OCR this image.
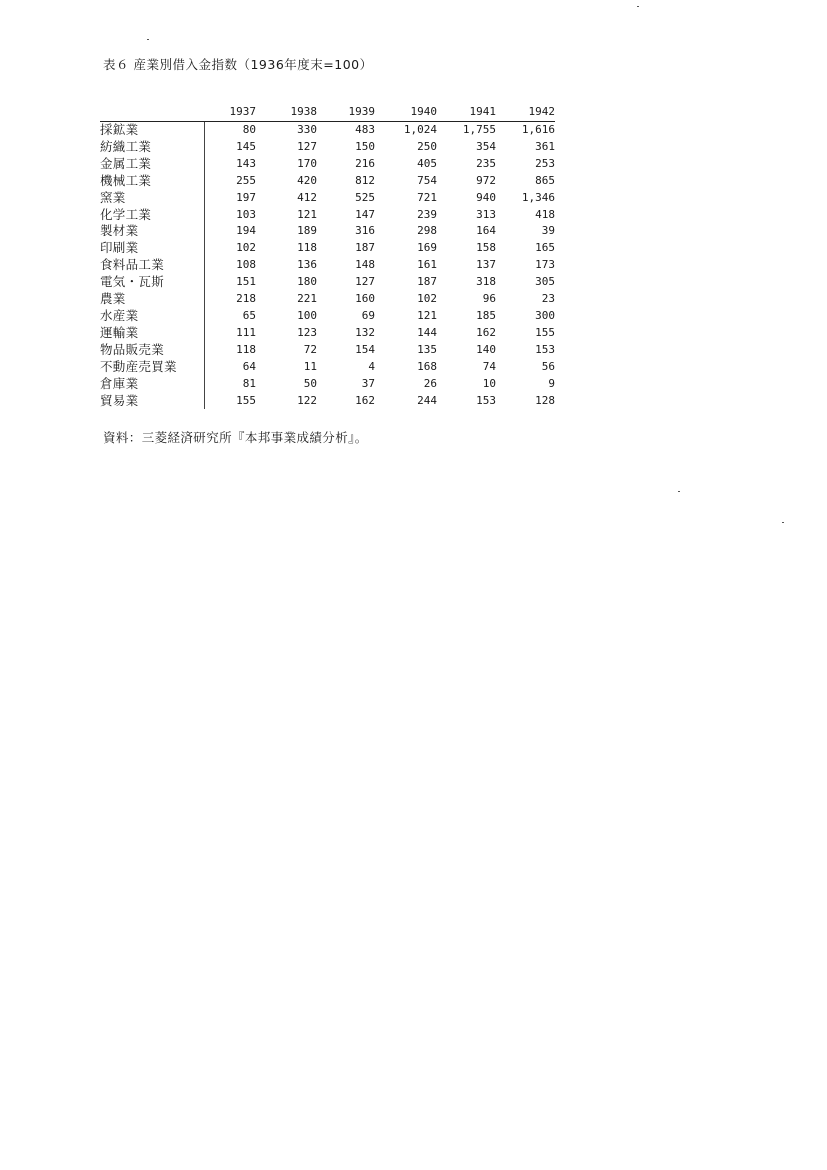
表６ 産業別借入金指数（1936年度末=100）
	1937	1938	1939	1940	1941	1942
採鉱業	80	330	483	1,024	1,755	1,616
紡織工業	145	127	150	250	354	361
金属工業	143	170	216	405	235	253
機械工業	255	420	812	754	972	865
窯業	197	412	525	721	940	1,346
化学工業	103	121	147	239	313	418
製材業	194	189	316	298	164	39
印刷業	102	118	187	169	158	165
食料品工業	108	136	148	161	137	173
電気・瓦斯	151	180	127	187	318	305
農業	218	221	160	102	96	23
水産業	65	100	69	121	185	300
運輸業	111	123	132	144	162	155
物品販売業	118	72	154	135	140	153
不動産売買業	64	11	4	168	74	56
倉庫業	81	50	37	26	10	9
貿易業	155	122	162	244	153	128
資料：三菱経済研究所『本邦事業成績分析』。
